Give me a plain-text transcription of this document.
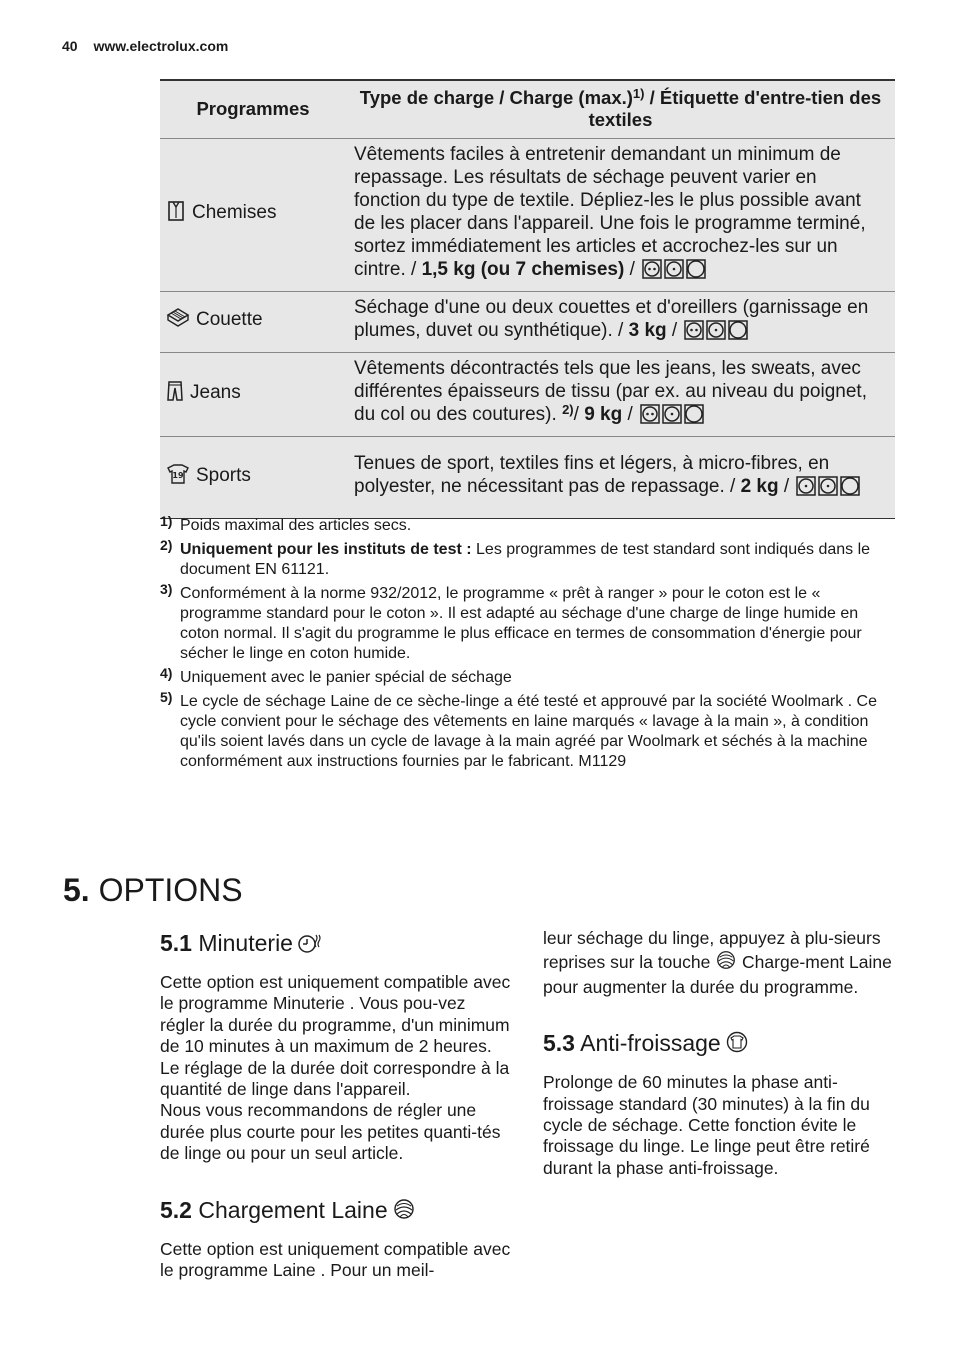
40 www.electrolux.com
Programmes	Type de charge / Charge $(\max.)^{1)}$ / Étiquette d'entre-tien des textiles
Chemises	Vêtements faciles à entretenir demandant un minimum de repassage. Les résultats de séchage peuvent varier en fonction du type de textile. Dépliez-les le plus possible avant de les placer dans l'appareil. Une fois le programme terminé, sortez immédiatement les articles et accrochez-les sur un cintre. / 1,5 kg (ou 7 chemises) /
Couette	Séchage d'une ou deux couettes et d'oreillers (garnissage en plumes, duvet ou synthétique). / 3 kg /
Jeans	Vêtements décontractés tels que les jeans, les sweats, avec différentes épaisseurs de tissu (par ex. au niveau du poignet, du col ou des coutures). $^{2)}$/ 9 kg /

19 Sports	Tenues de sport, textiles fins et légers, à micro-fibres, en polyester, ne nécessitant pas de repassage. / 2 kg /
1) Poids maximal des articles secs.
2) Uniquement pour les instituts de test : Les programmes de test standard sont indiqués dans le document EN 61121.
3) Conformément à la norme 932/2012, le programme « prêt à ranger » pour le coton est le « programme standard pour le coton ». Il est adapté au séchage d'une charge de linge humide en coton normal. Il s'agit du programme le plus efficace en termes de consommation d'énergie pour sécher le linge en coton humide.
4) Uniquement avec le panier spécial de séchage
5) Le cycle de séchage Laine de ce sèche-linge a été testé et approuvé par la société Woolmark . Ce cycle convient pour le séchage des vêtements en laine marqués « lavage à la main », à condition qu'ils soient lavés dans un cycle de lavage à la main agréé par Woolmark et séchés à la machine conformément aux instructions fournies par le fabricant. M1129
5. OPTIONS
5.1 Minuterie
Cette option est uniquement compatible avec le programme Minuterie . Vous pou-vez régler la durée du programme, d'un minimum de 10 minutes à un maximum de 2 heures. Le réglage de la durée doit correspondre à la quantité de linge dans l'appareil.
Nous vous recommandons de régler une durée plus courte pour les petites quanti-tés de linge ou pour un seul article.
5.2 Chargement Laine
Cette option est uniquement compatible avec le programme Laine . Pour un meil-
leur séchage du linge, appuyez à plu-sieurs reprises sur la touche  Charge-ment Laine pour augmenter la durée du programme.
5.3 Anti-froissage
Prolonge de 60 minutes la phase anti-froissage standard (30 minutes) à la fin du cycle de séchage. Cette fonction évite le froissage du linge. Le linge peut être retiré durant la phase anti-froissage.
